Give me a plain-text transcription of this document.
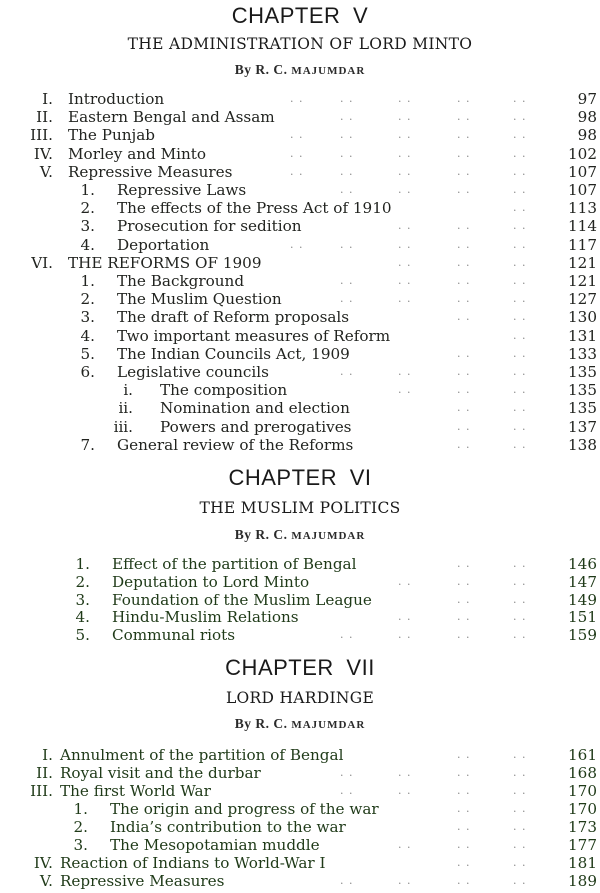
CHAPTER V
THE ADMINISTRATION OF LORD MINTO
By R. C. MAJUMDAR
I. Introduction	. .	. .	. .	. .	. .	97
II. Eastern Bengal and Assam	. .	. .	. .	. .	98
III. The Punjab	. .	. .	. .	. .	. .	98
IV. Morley and Minto	. .	. .	. .	. .	. .	102
V. Repressive Measures	. .	. .	. .	. .	. .	107
1. Repressive Laws	. .	. .	. .	. .	107
2. The effects of the Press Act of 1910	. .	113
3. Prosecution for sedition	. .	. .	. .	114
4. Deportation	. .	. .	. .	. .	. .	117
VI. THE REFORMS OF 1909	. .	. .	. .	121
1. The Background	. .	. .	. .	. .	121
2. The Muslim Question	. .	. .	. .	. .	127
3. The draft of Reform proposals	. .	. .	130
4. Two important measures of Reform	. .	131
5. The Indian Councils Act, 1909	. .	. .	133
6. Legislative councils	. .	. .	. .	. .	135
i. The composition	. .	. .	. .	135
ii. Nomination and election	. .	. .	135
iii. Powers and prerogatives	. .	. .	137
7. General review of the Reforms	. .	. .	138
CHAPTER VI
THE MUSLIM POLITICS
By R. C. MAJUMDAR
1. Effect of the partition of Bengal	. .	. .	146
2. Deputation to Lord Minto	. .	. .	. .	147
3. Foundation of the Muslim League	. .	. .	149
4. Hindu-Muslim Relations	. .	. .	. .	151
5. Communal riots	. .	. .	. .	. .	159
CHAPTER VII
LORD HARDINGE
By R. C. MAJUMDAR
I. Annulment of the partition of Bengal	. .	. .	161
II. Royal visit and the durbar	. .	. .	. .	. .	168
III. The first World War	. .	. .	. .	. .	170
1. The origin and progress of the war	. .	. .	170
2. India’s contribution to the war	. .	. .	173
3. The Mesopotamian muddle	. .	. .	. .	177
IV. Reaction of Indians to World-War I	. .	. .	181
V. Repressive Measures	. .	. .	. .	. .	189
